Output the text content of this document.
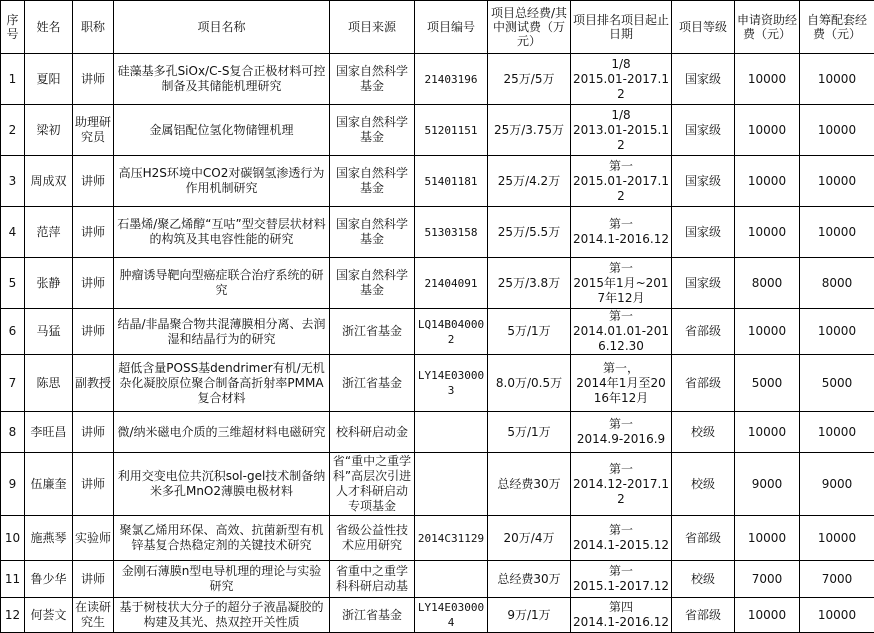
序号	姓名	职称	项目名称	项目来源	项目编号	项目总经费/其中测试费（万元）	项目排名项目起止日期	项目等级	申请资助经费（元）	自筹配套经费（元）
1	夏阳	讲师	硅藻基多孔SiOx/C-S复合正极材料可控制备及其储能机理研究	国家自然科学基金	21403196	25万/5万	1/8
2015.01-2017.12	国家级	10000	10000
2	梁初	助理研究员	金属铝配位氢化物储锂机理	国家自然科学基金	51201151	25万/3.75万	1/8
2013.01-2015.12	国家级	10000	10000
3	周成双	讲师	高压H2S环境中CO2对碳钢氢渗透行为作用机制研究	国家自然科学基金	51401181	25万/4.2万	第一
2015.01-2017.12	国家级	10000	10000
4	范萍	讲师	石墨烯/聚乙烯醇“互咕”型交替层状材料的构筑及其电容性能的研究	国家自然科学基金	51303158	25万/5.5万	第一
2014.1-2016.12	国家级	10000	10000
5	张静	讲师	肿瘤诱导靶向型癌症联合治疗系统的研究	国家自然科学基金	21404091	25万/3.8万	第一
2015年1月~2017年12月	国家级	8000	8000
6	马猛	讲师	结晶/非晶聚合物共混薄膜相分离、去润湿和结晶行为的研究	浙江省基金	LQ14B040002	5万/1万	第一
2014.01.01-2016.12.30	省部级	10000	10000
7	陈思	副教授	超低含量POSS基dendrimer有机/无机杂化凝胶原位聚合制备高折射率PMMA复合材料	浙江省基金	LY14E030003	8.0万/0.5万	第一，
2014年1月至2016年12月	省部级	5000	5000
8	李旺昌	讲师	微/纳米磁电介质的三维超材料电磁研究	校科研启动金		5万/1万	第一
2014.9-2016.9	校级	10000	10000
9	伍廉奎	讲师	利用交变电位共沉积sol-gel技术制备纳米多孔MnO2薄膜电极材料	省“重中之重学科”高层次引进人才科研启动专项基金		总经费30万	第一
2014.12-2017.12	校级	9000	9000
10	施燕琴	实验师	聚氯乙烯用环保、高效、抗菌新型有机锌基复合热稳定剂的关键技术研究	省级公益性技术应用研究	2014C31129	20万/4万	第一
2014.1-2015.12	省部级	10000	10000
11	鲁少华	讲师	金刚石薄膜n型电导机理的理论与实验研究	省重中之重学科科研启动基		总经费30万	第一
2015.1-2017.12	校级	7000	7000
12	何荟文	在读研究生	基于树枝状大分子的超分子液晶凝胶的构建及其光、热双控开关性质	浙江省基金	LY14E030004	9万/1万	第四
2014.1-2016.12	省部级	10000	10000
